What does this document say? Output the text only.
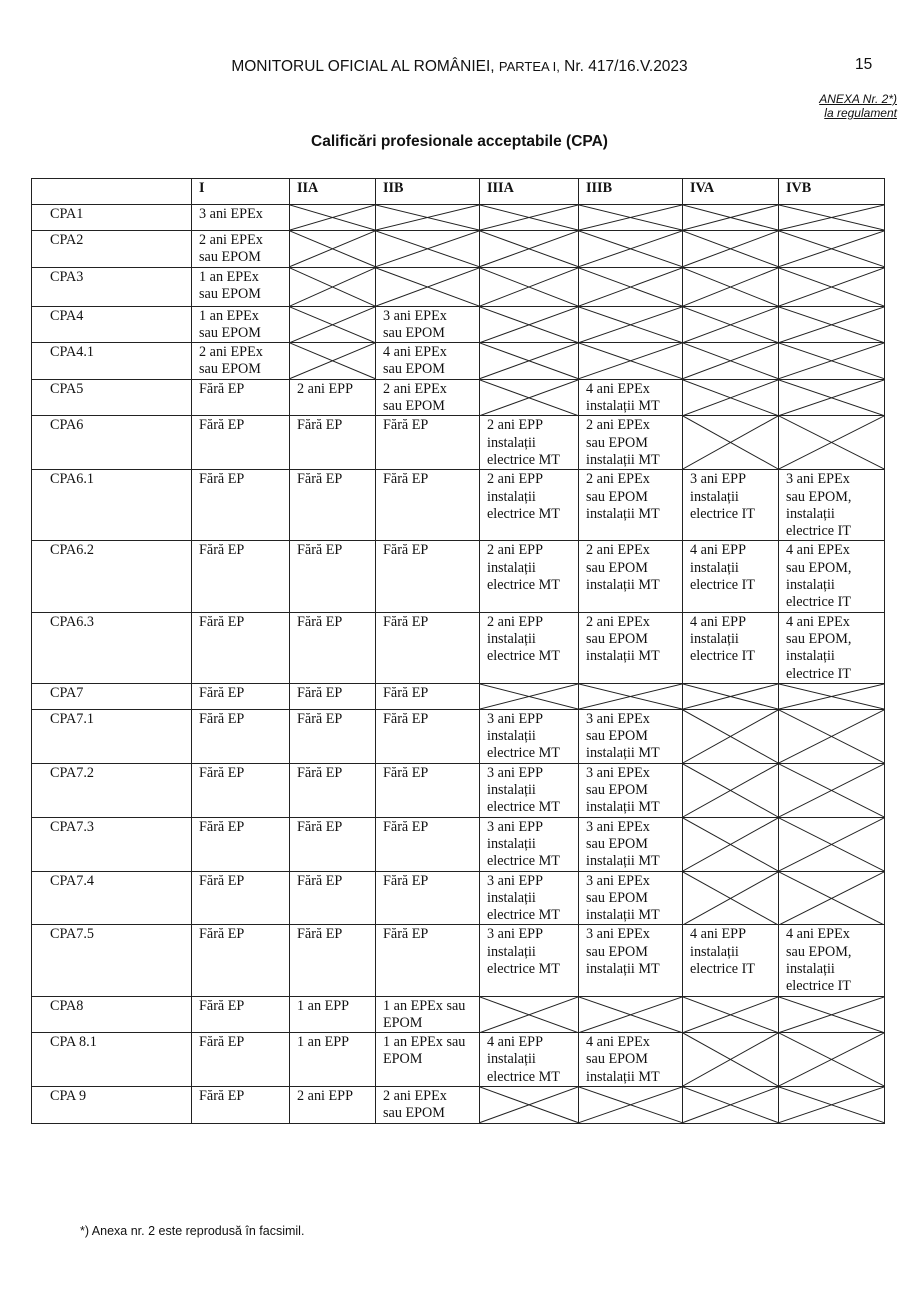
MONITORUL OFICIAL AL ROMÂNIEI, PARTEA I, Nr. 417/16.V.2023	15
ANEXA Nr. 2*)
la regulament
Calificări profesionale acceptabile (CPA)
	I	IIA	IIB	IIIA	IIIB	IVA	IVB
CPA1	3 ani EPEx	

CPA2	2 ani EPEx
sau EPOM	

CPA3	1 an EPEx
sau EPOM	

CPA4	1 an EPEx
sau EPOM		3 ani EPEx
sau EPOM	

CPA4.1	2 ani EPEx
sau EPOM		4 ani EPEx
sau EPOM	

CPA5	Fără EP	2 ani EPP	2 ani EPEx
sau EPOM		4 ani EPEx
instalații MT	

CPA6	Fără EP	Fără EP	Fără EP	2 ani EPP
instalații
electrice MT	2 ani EPEx
sau EPOM
instalații MT	

CPA6.1	Fără EP	Fără EP	Fără EP	2 ani EPP
instalații
electrice MT	2 ani EPEx
sau EPOM
instalații MT	3 ani EPP
instalații
electrice IT	3 ani EPEx
sau EPOM,
instalații
electrice IT
CPA6.2	Fără EP	Fără EP	Fără EP	2 ani EPP
instalații
electrice MT	2 ani EPEx
sau EPOM
instalații MT	4 ani EPP
instalații
electrice IT	4 ani EPEx
sau EPOM,
instalații
electrice IT
CPA6.3	Fără EP	Fără EP	Fără EP	2 ani EPP
instalații
electrice MT	2 ani EPEx
sau EPOM
instalații MT	4 ani EPP
instalații
electrice IT	4 ani EPEx
sau EPOM,
instalații
electrice IT
CPA7	Fără EP	Fără EP	Fără EP	

CPA7.1	Fără EP	Fără EP	Fără EP	3 ani EPP
instalații
electrice MT	3 ani EPEx
sau EPOM
instalații MT	

CPA7.2	Fără EP	Fără EP	Fără EP	3 ani EPP
instalații
electrice MT	3 ani EPEx
sau EPOM
instalații MT	

CPA7.3	Fără EP	Fără EP	Fără EP	3 ani EPP
instalații
electrice MT	3 ani EPEx
sau EPOM
instalații MT	

CPA7.4	Fără EP	Fără EP	Fără EP	3 ani EPP
instalații
electrice MT	3 ani EPEx
sau EPOM
instalații MT	

CPA7.5	Fără EP	Fără EP	Fără EP	3 ani EPP
instalații
electrice MT	3 ani EPEx
sau EPOM
instalații MT	4 ani EPP
instalații
electrice IT	4 ani EPEx
sau EPOM,
instalații
electrice IT
CPA8	Fără EP	1 an EPP	1 an EPEx sau
EPOM	

CPA 8.1	Fără EP	1 an EPP	1 an EPEx sau
EPOM	4 ani EPP
instalații
electrice MT	4 ani EPEx
sau EPOM
instalații MT	

CPA 9	Fără EP	2 ani EPP	2 ani EPEx
sau EPOM	

*) Anexa nr. 2 este reprodusă în facsimil.
